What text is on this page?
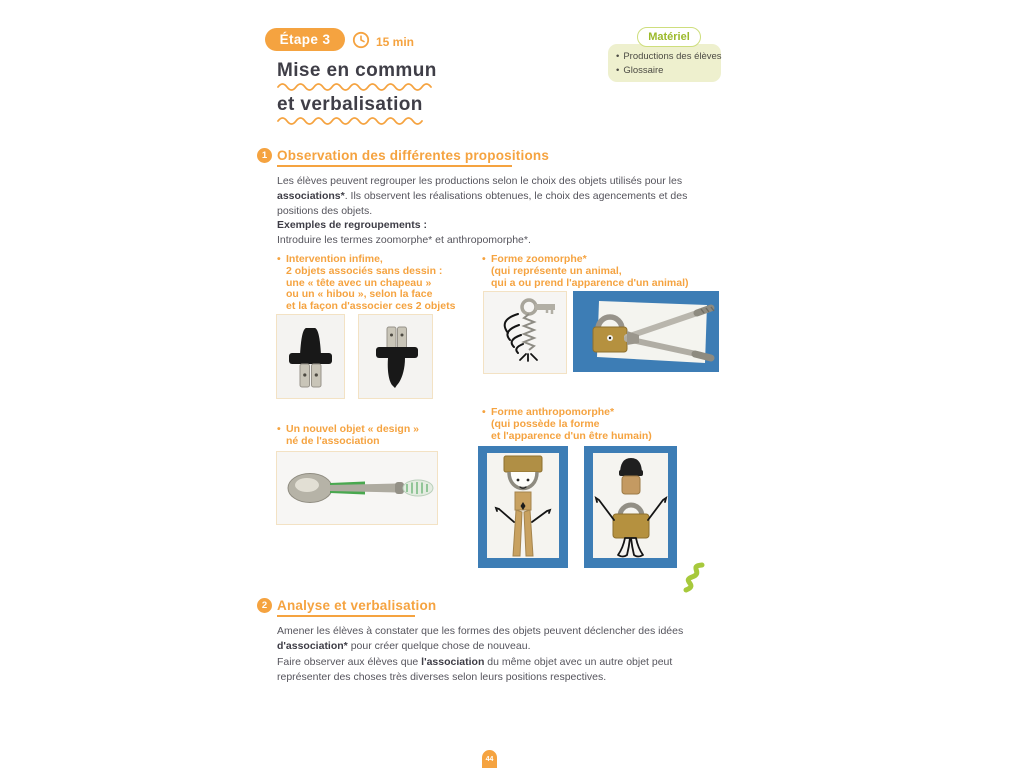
Étape 3	15 min
Mise en commun
et verbalisation
Matériel
• Productions des élèves
• Glossaire
1 Observation des différentes propositions
Les élèves peuvent regrouper les productions selon le choix des objets utilisés pour les associations*. Ils observent les réalisations obtenues, le choix des agencements et des positions des objets.
Exemples de regroupements :
Introduire les termes zoomorphe* et anthropomorphe*.
• Intervention infime,
2 objets associés sans dessin :
une « tête avec un chapeau »
ou un « hibou », selon la face
et la façon d'associer ces 2 objets
• Un nouvel objet « design »
né de l'association
• Forme zoomorphe*
(qui représente un animal,
qui a ou prend l'apparence d'un animal)
• Forme anthropomorphe*
(qui possède la forme
et l'apparence d'un être humain)
2 Analyse et verbalisation
Amener les élèves à constater que les formes des objets peuvent déclencher des idées d'association* pour créer quelque chose de nouveau.
Faire observer aux élèves que l'association du même objet avec un autre objet peut représenter des choses très diverses selon leurs positions respectives.
44
